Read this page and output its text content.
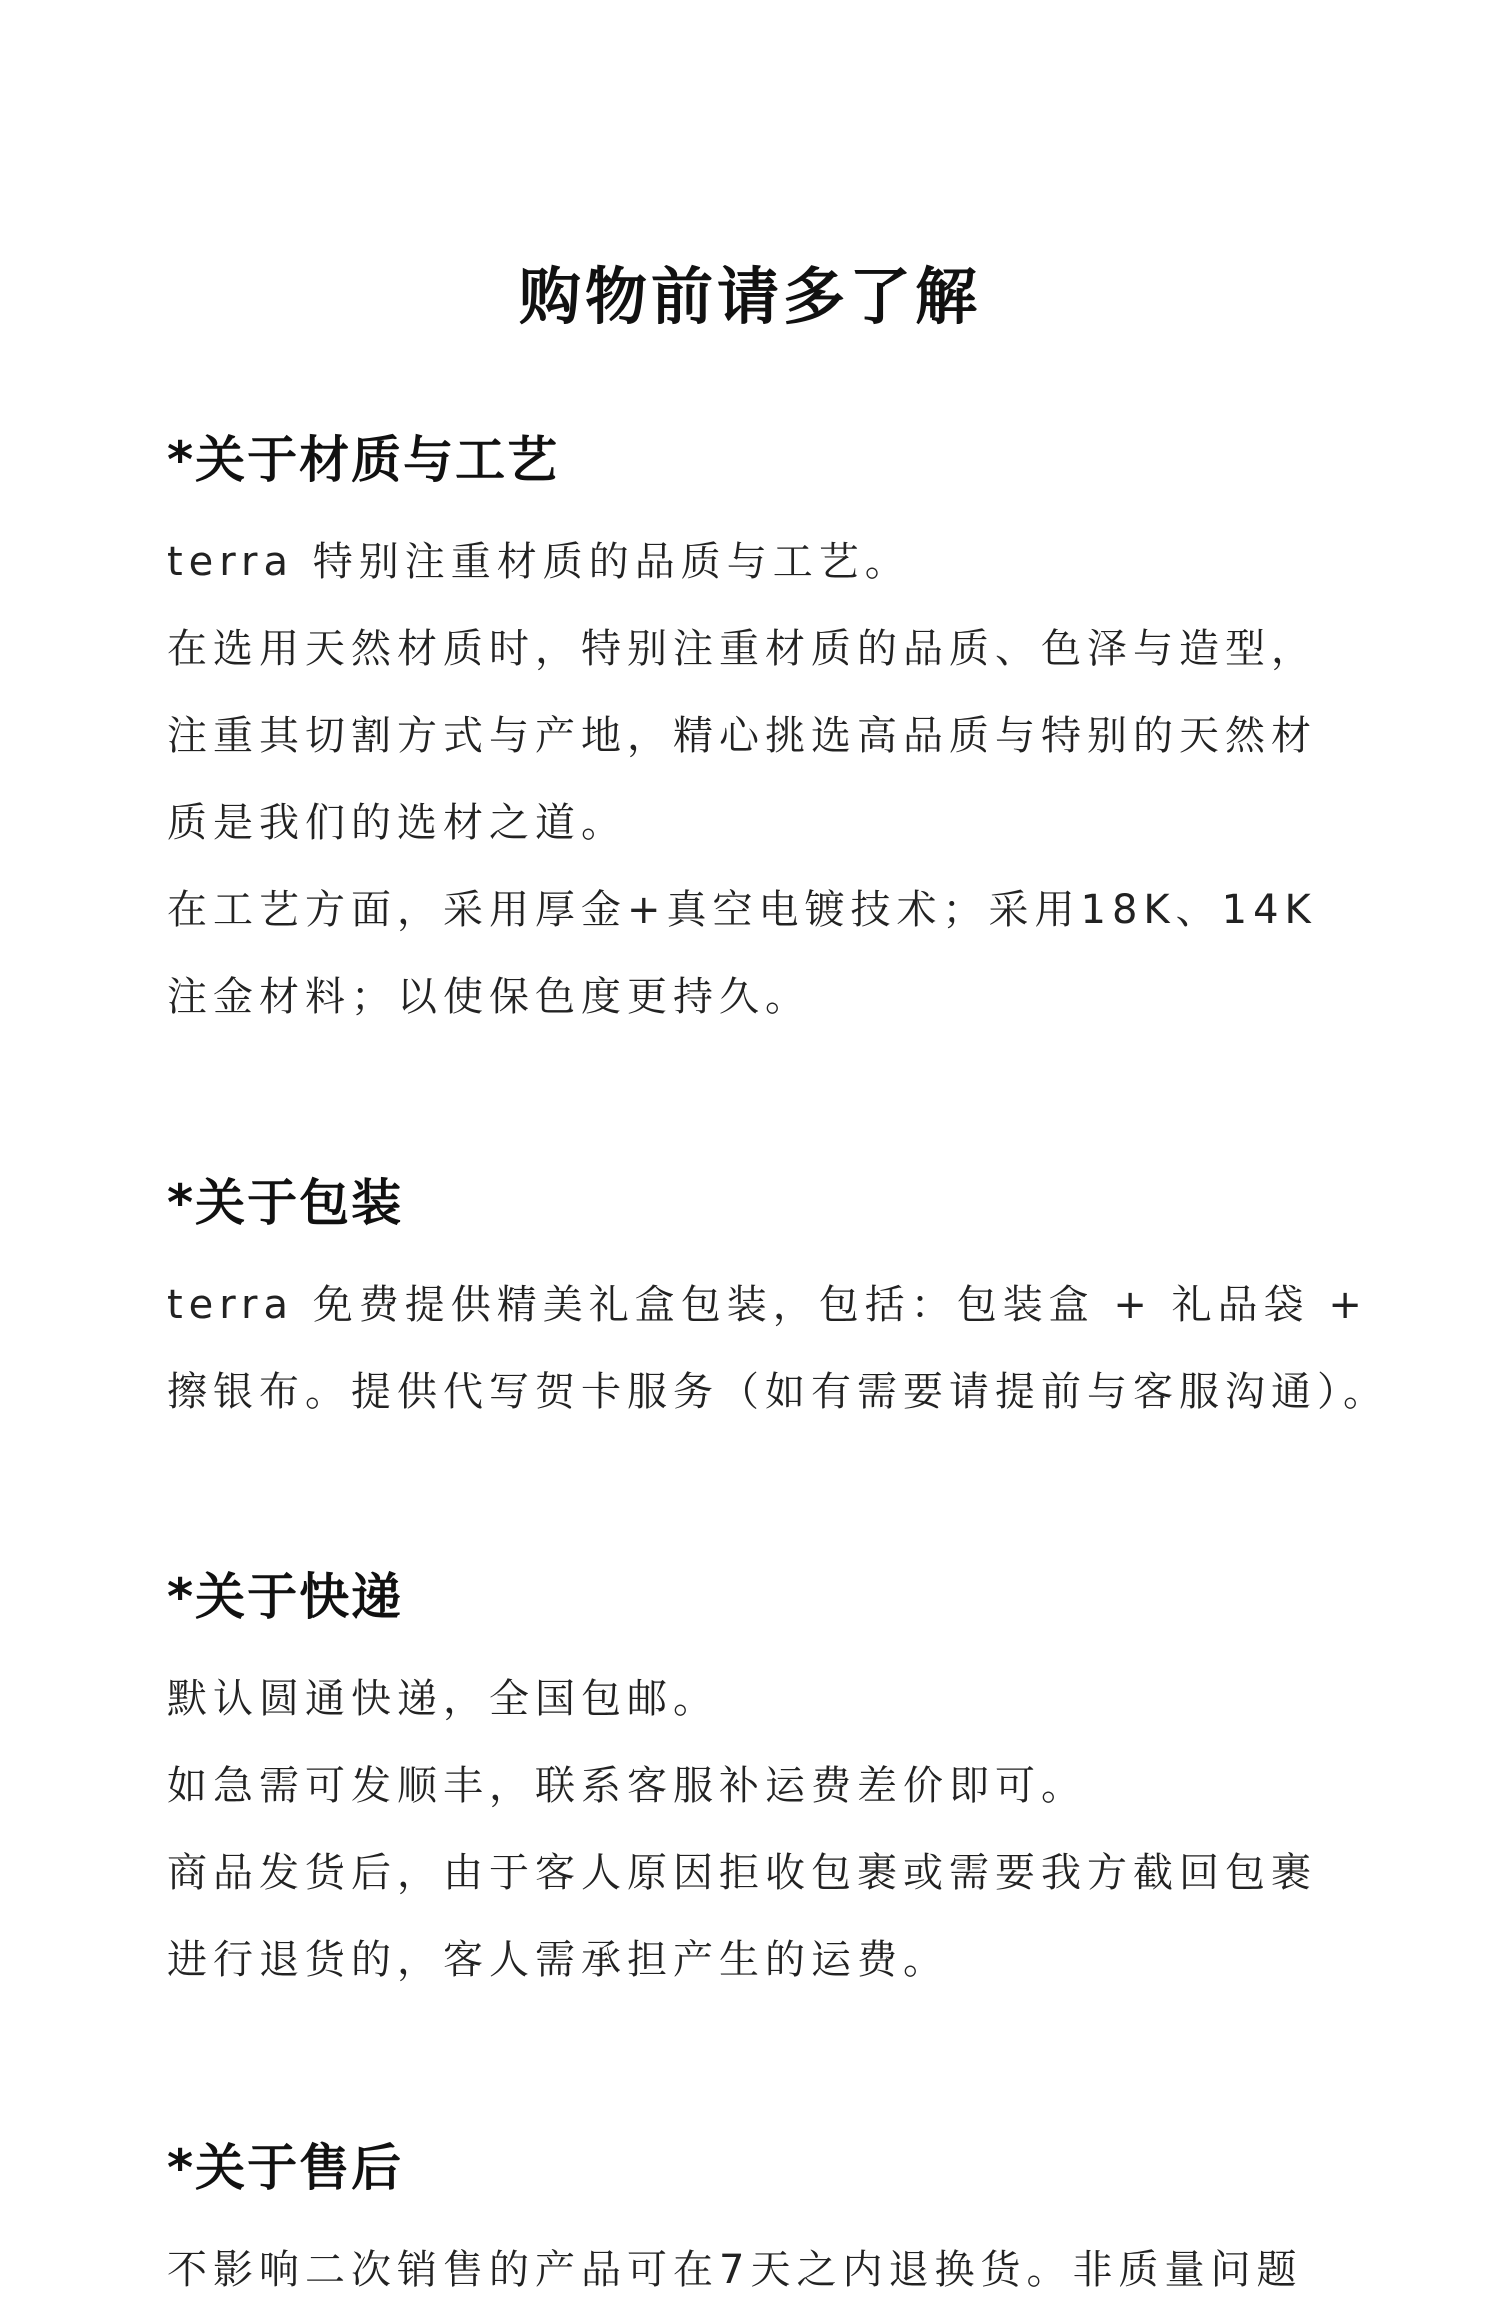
购物前请多了解
*关于材质与工艺
terra 特别注重材质的品质与工艺。
在选用天然材质时，特别注重材质的品质、色泽与造型，
注重其切割方式与产地，精心挑选高品质与特别的天然材
质是我们的选材之道。
在工艺方面，采用厚金+真空电镀技术；采用18K、14K
注金材料；以使保色度更持久。
*关于包装
terra 免费提供精美礼盒包装，包括：包装盒 + 礼品袋 +
擦银布。提供代写贺卡服务（如有需要请提前与客服沟通）。
*关于快递
默认圆通快递，全国包邮。
如急需可发顺丰，联系客服补运费差价即可。
商品发货后，由于客人原因拒收包裹或需要我方截回包裹
进行退货的，客人需承担产生的运费。
*关于售后
不影响二次销售的产品可在7天之内退换货。非质量问题
